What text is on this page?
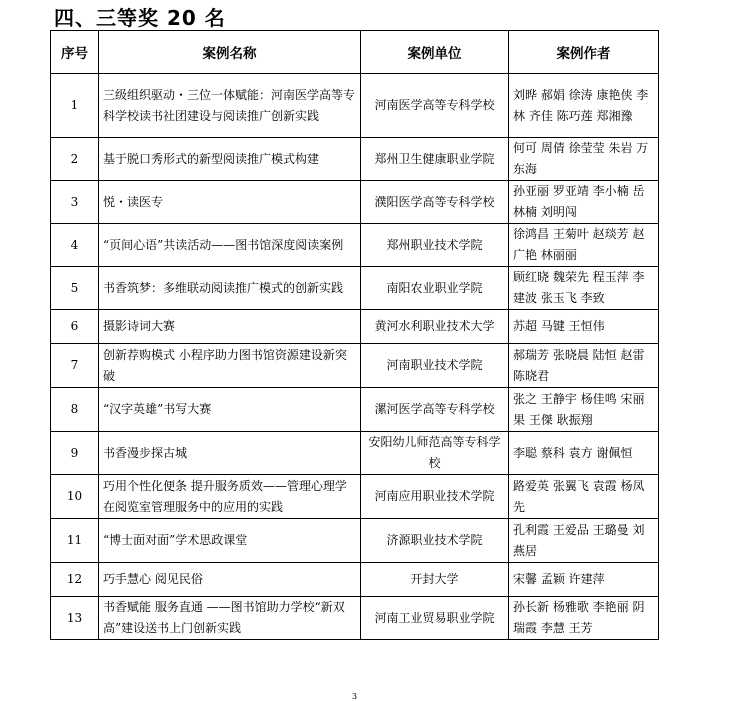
四、三等奖 20 名
序号	案例名称	案例单位	案例作者
1	三级组织驱动・三位一体赋能：河南医学高等专科学校读书社团建设与阅读推广创新实践	河南医学高等专科学校	刘晔 郝娟 徐涛 康艳侠 李林 齐佳 陈巧莲 郑湘豫
2	基于脱口秀形式的新型阅读推广模式构建	郑州卫生健康职业学院	何可 周倩 徐莹莹 朱岩 万东海
3	悦・读医专	濮阳医学高等专科学校	孙亚丽 罗亚靖 李小楠 岳林楠 刘明闯
4	“页间心语”共读活动——图书馆深度阅读案例	郑州职业技术学院	徐鸿昌 王菊叶 赵琰芳 赵广艳 林丽丽
5	书香筑梦：多维联动阅读推广模式的创新实践	南阳农业职业学院	顾红晓 魏荣先 程玉萍 李建波 张玉飞 李致
6	摄影诗词大赛	黄河水利职业技术大学	苏超 马键 王恒伟
7	创新荐购模式 小程序助力图书馆资源建设新突破	河南职业技术学院	郝瑞芳 张晓晨 陆恒 赵雷 陈晓君
8	“汉字英雄”书写大赛	漯河医学高等专科学校	张之 王静宇 杨佳鸣 宋丽果 王傑 耿振翔
9	书香漫步探古城	安阳幼儿师范高等专科学校	李聪 蔡科 袁方 谢佩恒
10	巧用个性化便条 提升服务质效——管理心理学在阅览室管理服务中的应用的实践	河南应用职业技术学院	路爱英 张翼飞 袁霞 杨凤先
11	“博士面对面”学术思政课堂	济源职业技术学院	孔利霞 王爱品 王璐曼 刘燕居
12	巧手慧心 阅见民俗	开封大学	宋馨 孟颖 许建萍
13	书香赋能 服务直通 ——图书馆助力学校“新双高”建设送书上门创新实践	河南工业贸易职业学院	孙长新 杨雅歌 李艳丽 阴瑞霞 李慧 王芳
3
